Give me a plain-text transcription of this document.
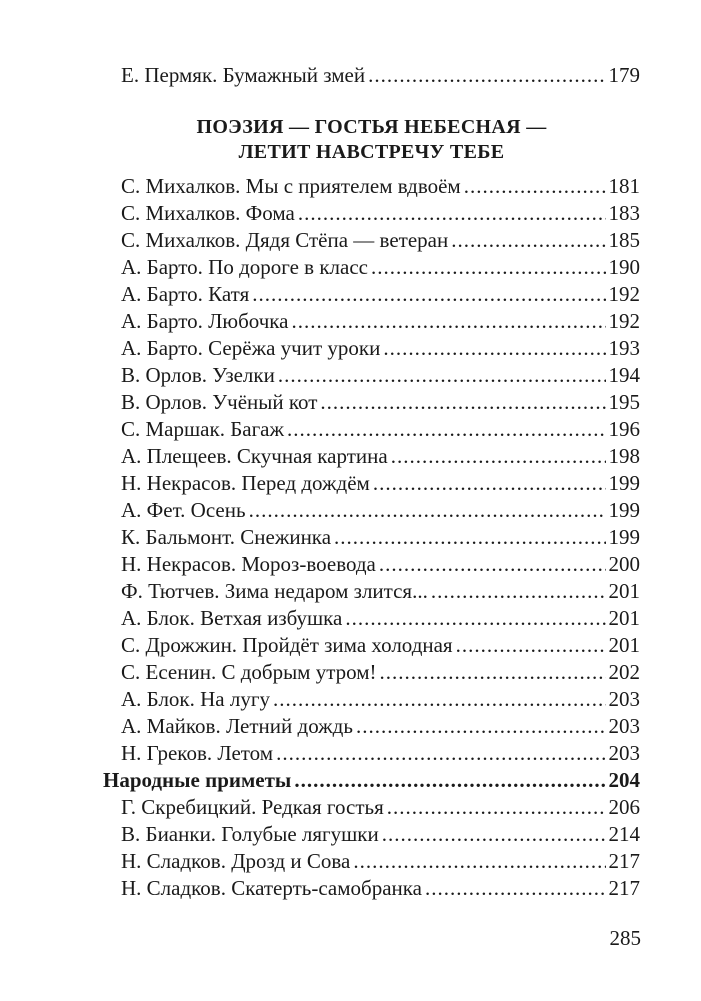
Е. Пермяк. Бумажный змей .....	179
ПОЭЗИЯ — ГОСТЬЯ НЕБЕСНАЯ —
ЛЕТИТ НАВСТРЕЧУ ТЕБЕ
С. Михалков. Мы с приятелем вдвоём .....	181
С. Михалков. Фома .....	183
С. Михалков. Дядя Стёпа — ветеран .....	185
А. Барто. По дороге в класс .....	190
А. Барто. Катя .....	192
А. Барто. Любочка .....	192
А. Барто. Серёжа учит уроки .....	193
В. Орлов. Узелки .....	194
В. Орлов. Учёный кот .....	195
С. Маршак. Багаж .....	196
А. Плещеев. Скучная картина .....	198
Н. Некрасов. Перед дождём .....	199
А. Фет. Осень .....	199
К. Бальмонт. Снежинка .....	199
Н. Некрасов. Мороз-воевода .....	200
Ф. Тютчев. Зима недаром злится... .....	201
А. Блок. Ветхая избушка .....	201
С. Дрожжин. Пройдёт зима холодная .....	201
С. Есенин. С добрым утром! .....	202
А. Блок. На лугу .....	203
А. Майков. Летний дождь .....	203
Н. Греков. Летом .....	203
Народные приметы .....	204
Г. Скребицкий. Редкая гостья .....	206
В. Бианки. Голубые лягушки .....	214
Н. Сладков. Дрозд и Сова .....	217
Н. Сладков. Скатерть-самобранка .....	217
285
